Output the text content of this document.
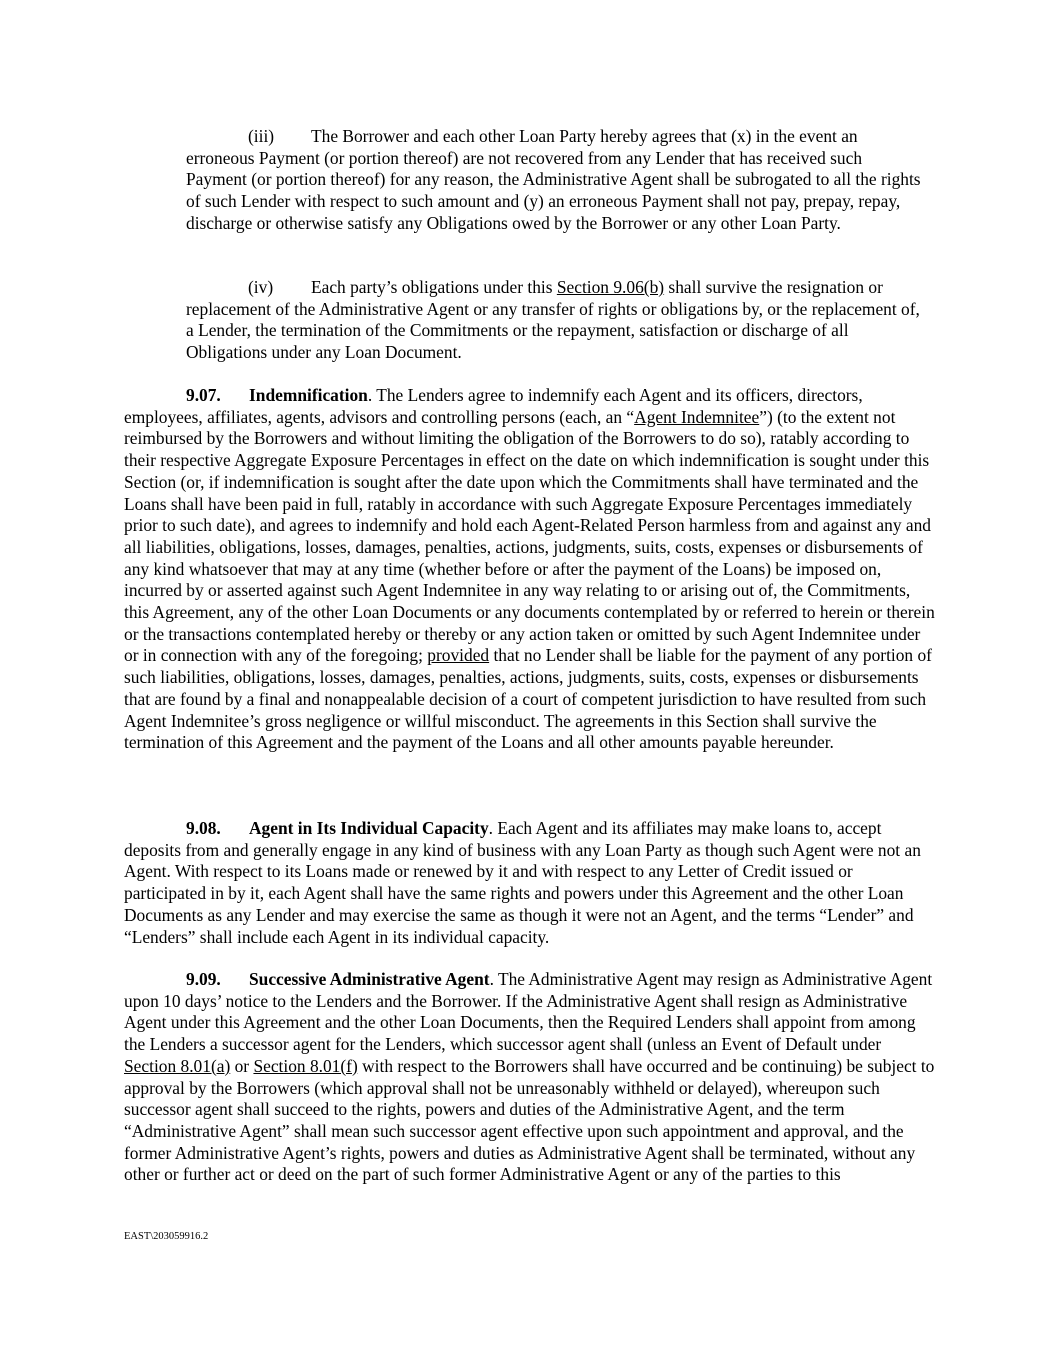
(iii) The Borrower and each other Loan Party hereby agrees that (x) in the event an erroneous Payment (or portion thereof) are not recovered from any Lender that has received such Payment (or portion thereof) for any reason, the Administrative Agent shall be subrogated to all the rights of such Lender with respect to such amount and (y) an erroneous Payment shall not pay, prepay, repay, discharge or otherwise satisfy any Obligations owed by the Borrower or any other Loan Party.

(iv) Each party’s obligations under this Section 9.06(b) shall survive the resignation or replacement of the Administrative Agent or any transfer of rights or obligations by, or the replacement of, a Lender, the termination of the Commitments or the repayment, satisfaction or discharge of all Obligations under any Loan Document.

9.07. Indemnification. The Lenders agree to indemnify each Agent and its officers, directors, employees, affiliates, agents, advisors and controlling persons (each, an “Agent Indemnitee”) (to the extent not reimbursed by the Borrowers and without limiting the obligation of the Borrowers to do so), ratably according to their respective Aggregate Exposure Percentages in effect on the date on which indemnification is sought under this Section (or, if indemnification is sought after the date upon which the Commitments shall have terminated and the Loans shall have been paid in full, ratably in accordance with such Aggregate Exposure Percentages immediately prior to such date), and agrees to indemnify and hold each Agent-Related Person harmless from and against any and all liabilities, obligations, losses, damages, penalties, actions, judgments, suits, costs, expenses or disbursements of any kind whatsoever that may at any time (whether before or after the payment of the Loans) be imposed on, incurred by or asserted against such Agent Indemnitee in any way relating to or arising out of, the Commitments, this Agreement, any of the other Loan Documents or any documents contemplated by or referred to herein or therein or the transactions contemplated hereby or thereby or any action taken or omitted by such Agent Indemnitee under or in connection with any of the foregoing; provided that no Lender shall be liable for the payment of any portion of such liabilities, obligations, losses, damages, penalties, actions, judgments, suits, costs, expenses or disbursements that are found by a final and nonappealable decision of a court of competent jurisdiction to have resulted from such Agent Indemnitee’s gross negligence or willful misconduct. The agreements in this Section shall survive the termination of this Agreement and the payment of the Loans and all other amounts payable hereunder.

9.08. Agent in Its Individual Capacity. Each Agent and its affiliates may make loans to, accept deposits from and generally engage in any kind of business with any Loan Party as though such Agent were not an Agent. With respect to its Loans made or renewed by it and with respect to any Letter of Credit issued or participated in by it, each Agent shall have the same rights and powers under this Agreement and the other Loan Documents as any Lender and may exercise the same as though it were not an Agent, and the terms “Lender” and “Lenders” shall include each Agent in its individual capacity.

9.09. Successive Administrative Agent. The Administrative Agent may resign as Administrative Agent upon 10 days’ notice to the Lenders and the Borrower. If the Administrative Agent shall resign as Administrative Agent under this Agreement and the other Loan Documents, then the Required Lenders shall appoint from among the Lenders a successor agent for the Lenders, which successor agent shall (unless an Event of Default under Section 8.01(a) or Section 8.01(f) with respect to the Borrowers shall have occurred and be continuing) be subject to approval by the Borrowers (which approval shall not be unreasonably withheld or delayed), whereupon such successor agent shall succeed to the rights, powers and duties of the Administrative Agent, and the term “Administrative Agent” shall mean such successor agent effective upon such appointment and approval, and the former Administrative Agent’s rights, powers and duties as Administrative Agent shall be terminated, without any other or further act or deed on the part of such former Administrative Agent or any of the parties to this

EAST\203059916.2
